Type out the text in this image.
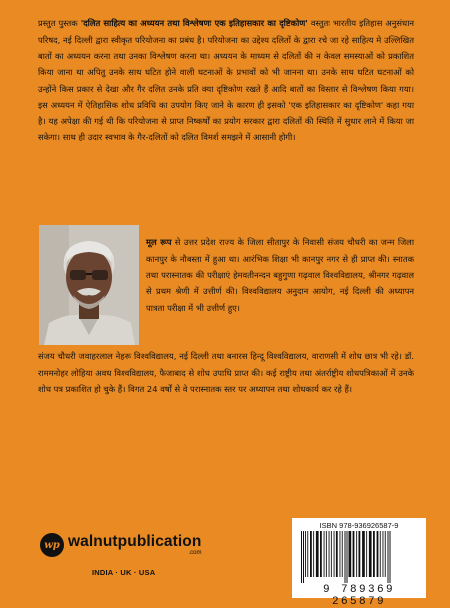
प्रस्तुत पुस्तक 'दलित साहित्य का अध्ययन तथा विश्लेषणः एक इतिहासकार का दृष्टिकोण' वस्तुतः भारतीय इतिहास अनुसंधान परिषद, नई दिल्ली द्वारा स्वीकृत परियोजना का प्रबंध है। परियोजना का उद्देश्य दलितों के द्वारा रचे जा रहे साहित्य मे उल्लिखित बातों का अध्ययन करना तथा उनका विश्लेषण करना था। अध्ययन के माध्यम से दलितों की न केवल समस्याओं को प्रकाशित किया जाना था अपितु उनके साथ घटित होने वाली घटनाओं के प्रभावों को भी जानना था। उनके साथ घटित घटनाओं को उन्होंने किस प्रकार से देखा और गैर दलित उनके प्रति क्या दृष्टिकोण रखते हैं आदि बातों का विस्तार से विश्लेषण किया गया। इस अध्ययन में ऐतिहासिक शोध प्रविधि का उपयोग किए जाने के कारण ही इसको 'एक इतिहासकार का दृष्टिकोण' कहा गया है। यह अपेक्षा की गई थी कि परियोजना से प्राप्त निष्कर्षों का प्रयोग सरकार द्वारा दलितों की स्थिति में सुधार लाने में किया जा सकेगा। साथ ही उदार स्वभाव के गैर-दलितों को दलित विमर्श समझने में आसानी होगी।

मूल रूप से उत्तर प्रदेश राज्य के जिला सीतापुर के निवासी संजय चौधरी का जन्म जिला कानपुर के नौबस्ता में हुआ था। आरंभिक शिक्षा भी कानपुर नगर से ही प्राप्त की। स्नातक तथा परास्नातक की परीक्षाएं हेमवतीनन्दन बहुगुणा गढ़वाल विश्वविद्यालय, श्रीनगर गढ़वाल से प्रथम श्रेणी में उत्तीर्ण की। विश्वविद्यालय अनुदान आयोग, नई दिल्ली की अध्यापन पात्रता परीक्षा में भी उत्तीर्ण हुए।

संजय चौधरी जवाहरलाल नेहरू विश्वविद्यालय, नई दिल्ली तथा बनारस हिन्दू विश्वविद्यालय, वाराणसी में शोध छात्र भी रहे। डॉ. राममनोहर लोहिया अवध विश्वविद्यालय, फैजाबाद से शोध उपाधि प्राप्त की। कई राष्ट्रीय तथा अंतर्राष्ट्रीय शोधपत्रिकाओं में उनके शोध पत्र प्रकाशित हो चुके हैं। विगत 24 वर्षों से वे परास्नातक स्तर पर अध्यापन तथा शोधकार्य कर रहे हैं।

wp walnutpublication
.com
INDIA · UK · USA
ISBN 978-936926587-9
9 789369 265879
